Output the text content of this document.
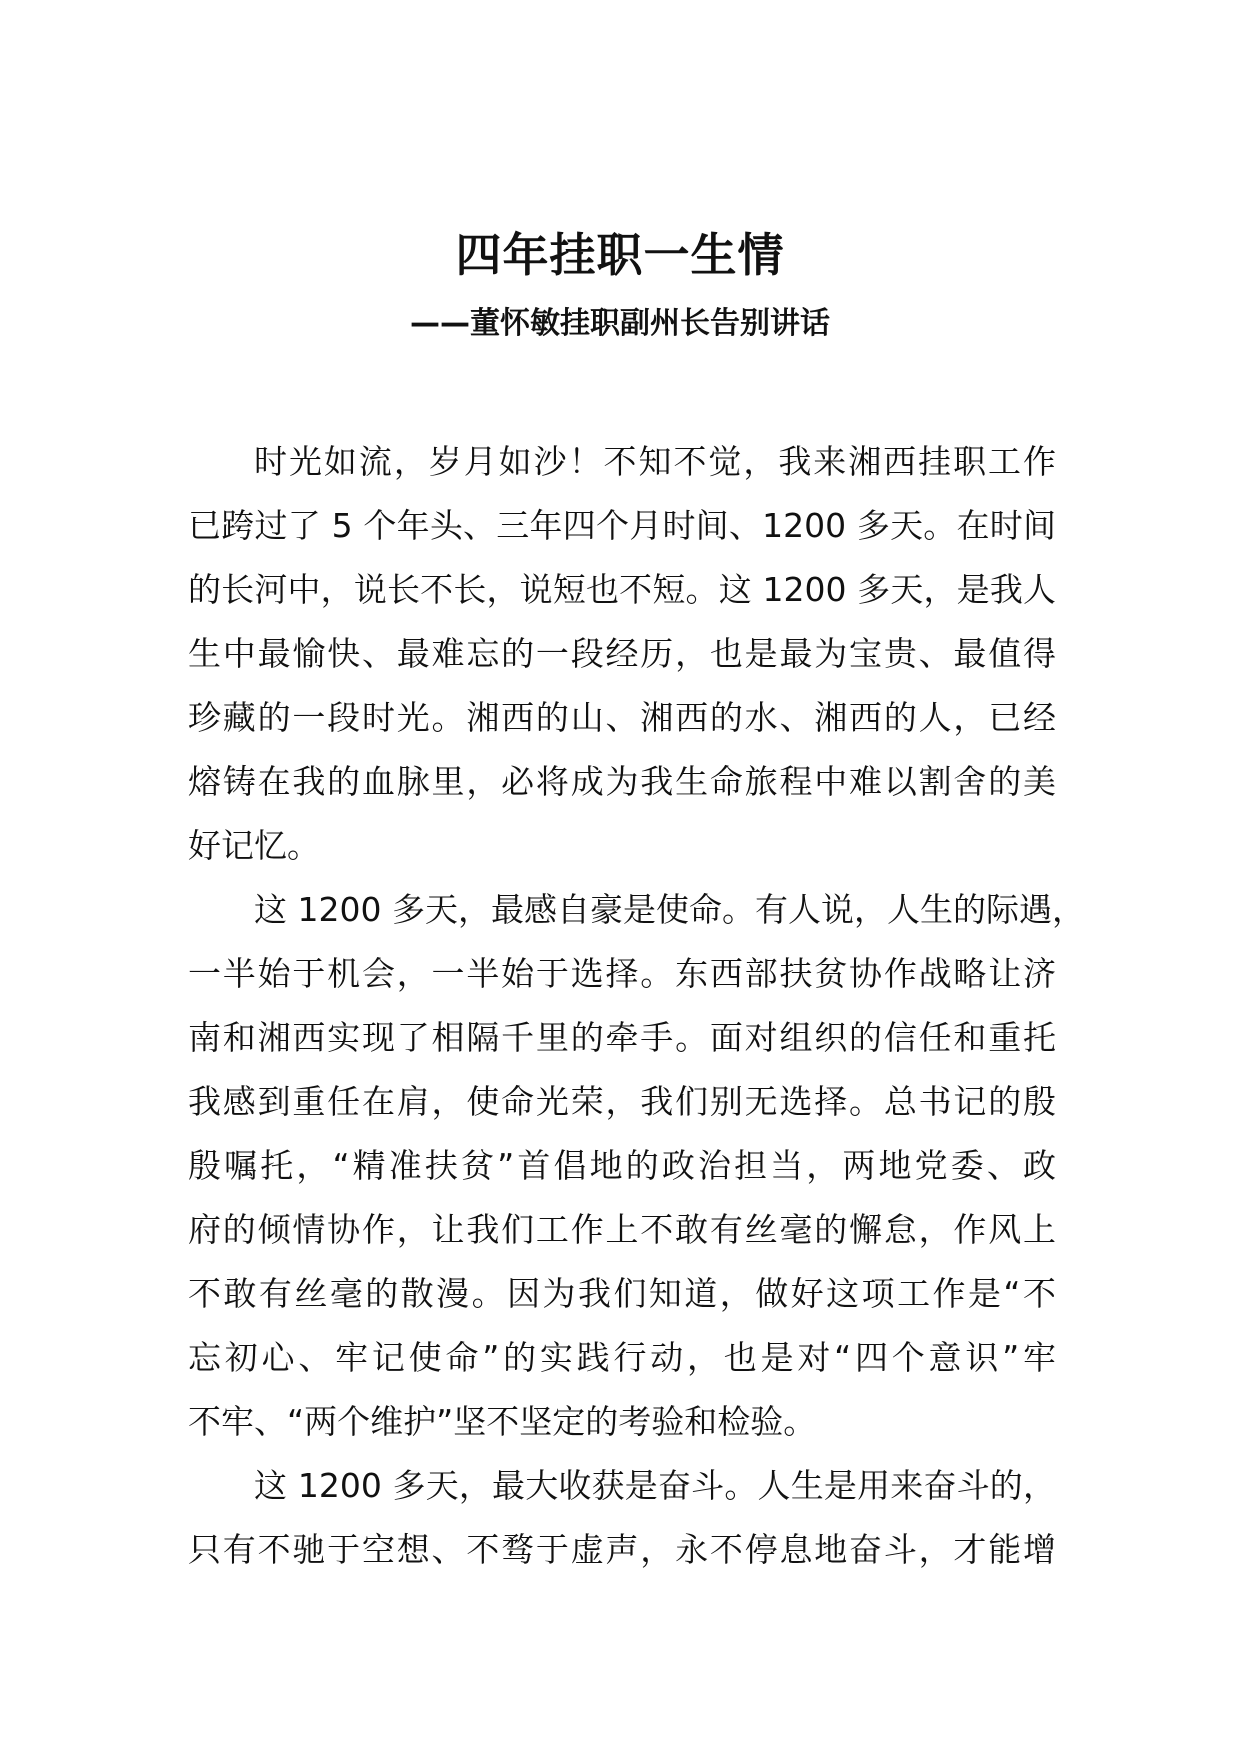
四年挂职一生情
——董怀敏挂职副州长告别讲话
时光如流，岁月如沙！不知不觉，我来湘西挂职工作
已跨过了 5 个年头、三年四个月时间、1200 多天。在时间
的长河中，说长不长，说短也不短。这 1200 多天，是我人
生中最愉快、最难忘的一段经历，也是最为宝贵、最值得
珍藏的一段时光。湘西的山、湘西的水、湘西的人，已经
熔铸在我的血脉里，必将成为我生命旅程中难以割舍的美
好记忆。
这 1200 多天，最感自豪是使命。有人说，人生的际遇，
一半始于机会，一半始于选择。东西部扶贫协作战略让济
南和湘西实现了相隔千里的牵手。面对组织的信任和重托
我感到重任在肩，使命光荣，我们别无选择。总书记的殷
殷嘱托，“精准扶贫”首倡地的政治担当，两地党委、政
府的倾情协作，让我们工作上不敢有丝毫的懈怠，作风上
不敢有丝毫的散漫。因为我们知道，做好这项工作是“不
忘初心、牢记使命”的实践行动，也是对“四个意识”牢
不牢、“两个维护”坚不坚定的考验和检验。
这 1200 多天，最大收获是奋斗。人生是用来奋斗的，
只有不驰于空想、不骛于虚声，永不停息地奋斗，才能增
